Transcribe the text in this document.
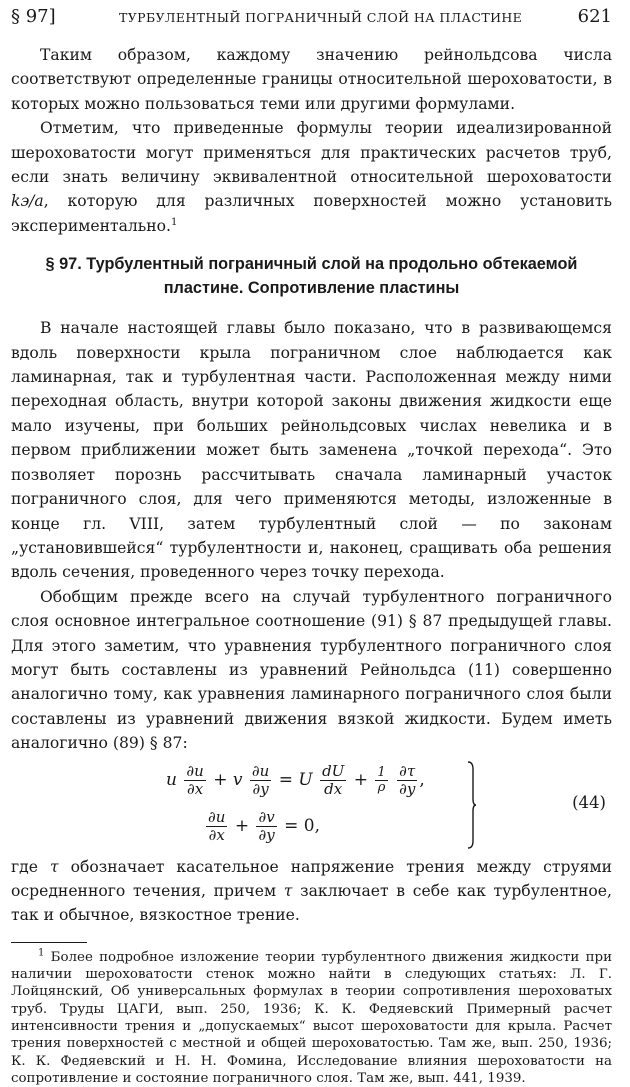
§ 97]	ТУРБУЛЕНТНЫЙ ПОГРАНИЧНЫЙ СЛОЙ НА ПЛАСТИНЕ	621

Таким образом, каждому значению рейнольдсова числа соответствуют определенные границы относительной шероховатости, в которых можно пользоваться теми или другими формулами.

Отметим, что приведенные формулы теории идеализированной шероховатости могут применяться для практических расчетов труб, если знать величину эквивалентной относительной шероховатости kэ/a, которую для различных поверхностей можно установить экспериментально.$^1$

§ 97. Турбулентный пограничный слой на продольно обтекаемой
пластине. Сопротивление пластины

В начале настоящей главы было показано, что в развивающемся вдоль поверхности крыла пограничном слое наблюдается как ламинарная, так и турбулентная части. Расположенная между ними переходная область, внутри которой законы движения жидкости еще мало изучены, при больших рейнольдсовых числах невелика и в первом приближении может быть заменена „точкой перехода“. Это позволяет порознь рассчитывать сначала ламинарный участок пограничного слоя, для чего применяются методы, изложенные в конце гл. VIII, затем турбулентный слой — по законам „установившейся“ турбулентности и, наконец, сращивать оба решения вдоль сечения, проведенного через точку перехода.

Обобщим прежде всего на случай турбулентного пограничного слоя основное интегральное соотношение (91) § 87 предыдущей главы. Для этого заметим, что уравнения турбулентного пограничного слоя могут быть составлены из уравнений Рейнольдса (11) совершенно аналогично тому, как уравнения ламинарного пограничного слоя были составлены из уравнений движения вязкой жидкости. Будем иметь аналогично (89) § 87:

u $\frac{\partial u}{\partial x} + v \frac{\partial u}{\partial y} = U \frac{dU}{dx} + \frac{1}{\rho}$
$\frac{\partial\tau}{\partial y}$ ,
$\frac{\partial u}{\partial x} + \frac{\partial v}{\partial y} = 0$,
(44)

где τ обозначает касательное напряжение трения между струями осредненного течения, причем τ заключает в себе как турбулентное, так и обычное, вязкостное трение.

$^1$ Более подробное изложение теории турбулентного движения жидкости при наличии шероховатости стенок можно найти в следующих статьях: Л. Г. Лойцянский, Об универсальных формулах в теории сопротивления шероховатых труб. Труды ЦАГИ, вып. 250, 1936; К. К. Федяевский Примерный расчет интенсивности трения и „допускаемых“ высот шероховатости для крыла. Расчет трения поверхностей с местной и общей шероховатостью. Там же, вып. 250, 1936; К. К. Федяевский и Н. Н. Фомина, Исследование влияния шероховатости на сопротивление и состояние пограничного слоя. Там же, вып. 441, 1939.
